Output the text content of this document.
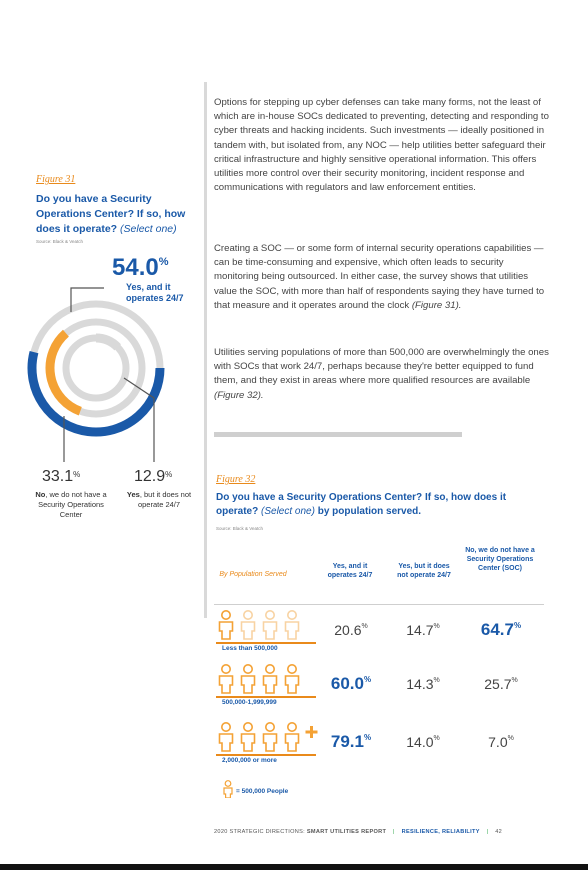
Figure 31
Do you have a Security Operations Center? If so, how does it operate? (Select one)
Source: Black & Veatch
54.0%
Yes, and it operates 24/7
33.1%
No, we do not have a Security Operations Center
12.9%
Yes, but it does not operate 24/7

Options for stepping up cyber defenses can take many forms, not the least of which are in-house SOCs dedicated to preventing, detecting and responding to cyber threats and hacking incidents. Such investments — ideally positioned in tandem with, but isolated from, any NOC — help utilities better safeguard their critical infrastructure and highly sensitive operational information. This offers utilities more control over their security monitoring, incident response and communications with regulators and law enforcement entities.

Creating a SOC — or some form of internal security operations capabilities — can be time-consuming and expensive, which often leads to security monitoring being outsourced. In either case, the survey shows that utilities value the SOC, with more than half of respondents saying they have turned to that measure and it operates around the clock (Figure 31).

Utilities serving populations of more than 500,000 are overwhelmingly the ones with SOCs that work 24/7, perhaps because they're better equipped to fund them, and they exist in areas where more qualified resources are available (Figure 32).

Figure 32
Do you have a Security Operations Center? If so, how does it operate? (Select one) by population served.
Source: Black & Veatch
By Population Served
Yes, and it operates 24/7
Yes, but it does not operate 24/7
No, we do not have a Security Operations Center (SOC)
Less than 500,000
20.6%	14.7%	64.7%
500,000-1,999,999
60.0%	14.3%	25.7%
2,000,000 or more
79.1%	14.0%	7.0%
= 500,000 People
2020 STRATEGIC DIRECTIONS: SMART UTILITIES REPORT | RESILIENCE, RELIABILITY | 42
